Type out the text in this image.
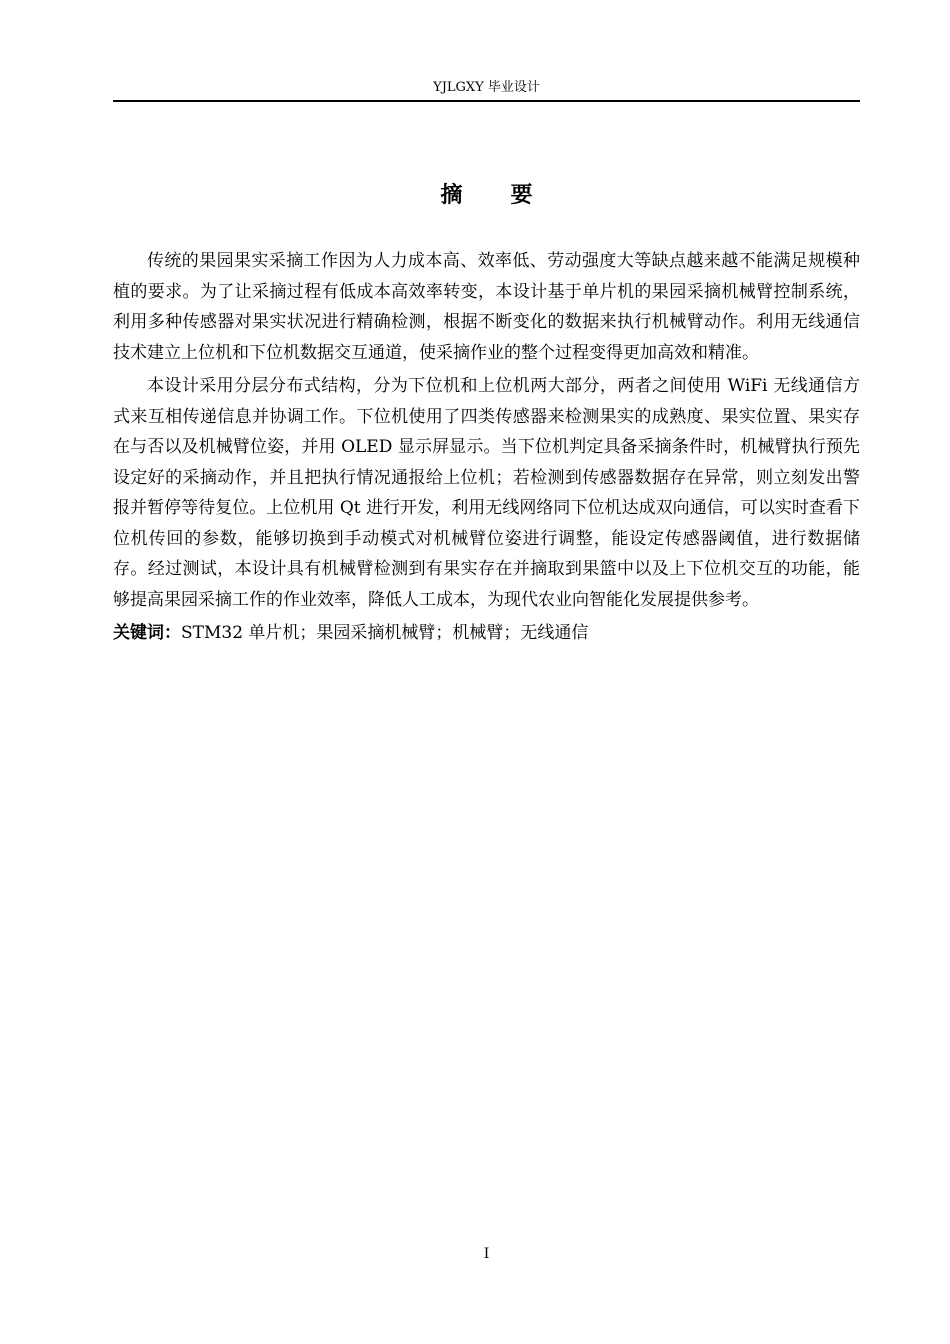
YJLGXY 毕业设计
摘要

传统的果园果实采摘工作因为人力成本高、效率低、劳动强度大等缺点越来越不能满足规模种植的要求。为了让采摘过程有低成本高效率转变，本设计基于单片机的果园采摘机械臂控制系统，利用多种传感器对果实状况进行精确检测，根据不断变化的数据来执行机械臂动作。利用无线通信技术建立上位机和下位机数据交互通道，使采摘作业的整个过程变得更加高效和精准。

本设计采用分层分布式结构，分为下位机和上位机两大部分，两者之间使用 WiFi 无线通信方式来互相传递信息并协调工作。下位机使用了四类传感器来检测果实的成熟度、果实位置、果实存在与否以及机械臂位姿，并用 OLED 显示屏显示。当下位机判定具备采摘条件时，机械臂执行预先设定好的采摘动作，并且把执行情况通报给上位机；若检测到传感器数据存在异常，则立刻发出警报并暂停等待复位。上位机用 Qt 进行开发，利用无线网络同下位机达成双向通信，可以实时查看下位机传回的参数，能够切换到手动模式对机械臂位姿进行调整，能设定传感器阈值，进行数据储存。经过测试，本设计具有机械臂检测到有果实存在并摘取到果篮中以及上下位机交互的功能，能够提高果园采摘工作的作业效率，降低人工成本，为现代农业向智能化发展提供参考。

关键词：STM32 单片机；果园采摘机械臂；机械臂；无线通信

I
